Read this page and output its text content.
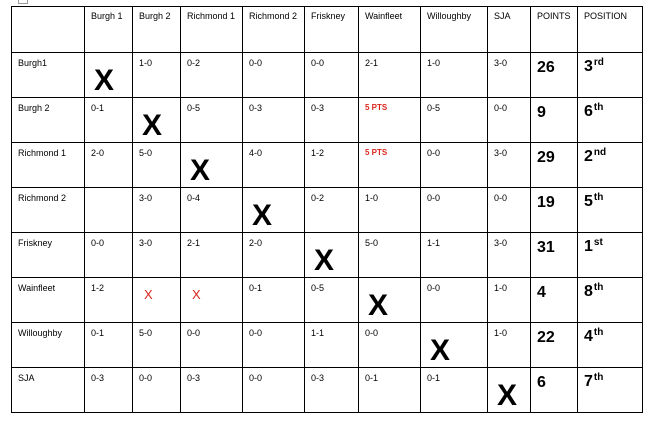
	Burgh 1	Burgh 2	Richmond 1	Richmond 2	Friskney	Wainfleet	Willoughby	SJA	POINTS	POSITION

Burgh1	X	1-0	0-2	0-0	0-0	2-1	1-0	3-0	26	3rd

Burgh 2	0-1	X	0-5	0-3	0-3	5 PTS	0-5	0-0	9	6th

Richmond 1	2-0	5-0	X	4-0	1-2	5 PTS	0-0	3-0	29	2nd

Richmond 2		3-0	0-4	X	0-2	1-0	0-0	0-0	19	5th

Friskney	0-0	3-0	2-1	2-0	X	5-0	1-1	3-0	31	1st

Wainfleet	1-2	X	X	0-1	0-5	X	0-0	1-0	4	8th

Willoughby	0-1	5-0	0-0	0-0	1-1	0-0	X	1-0	22	4th

SJA	0-3	0-0	0-3	0-0	0-3	0-1	0-1	X	6	7th
